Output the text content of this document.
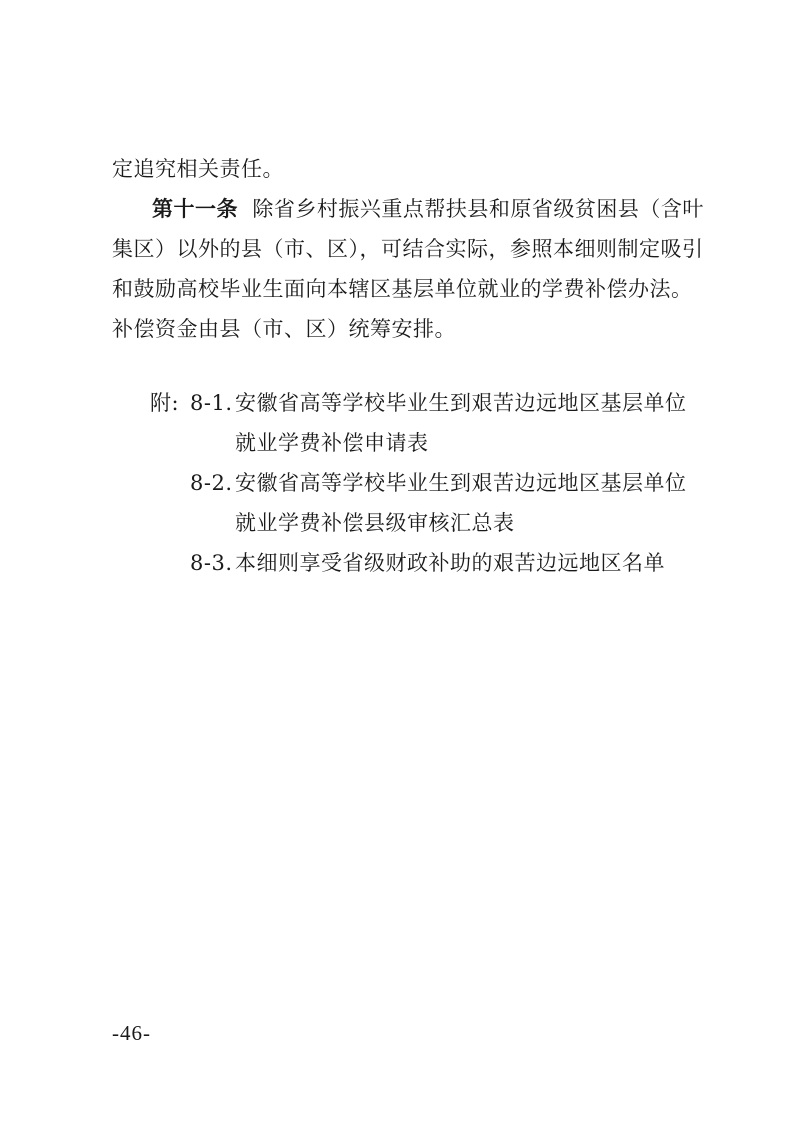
定追究相关责任。
第十一条 除省乡村振兴重点帮扶县和原省级贫困县（含叶
集区）以外的县（市、区），可结合实际，参照本细则制定吸引
和鼓励高校毕业生面向本辖区基层单位就业的学费补偿办法。
补偿资金由县（市、区）统筹安排。
附: 8-1. 安徽省高等学校毕业生到艰苦边远地区基层单位
就业学费补偿申请表
8-2. 安徽省高等学校毕业生到艰苦边远地区基层单位
就业学费补偿县级审核汇总表
8-3. 本细则享受省级财政补助的艰苦边远地区名单
-46-
